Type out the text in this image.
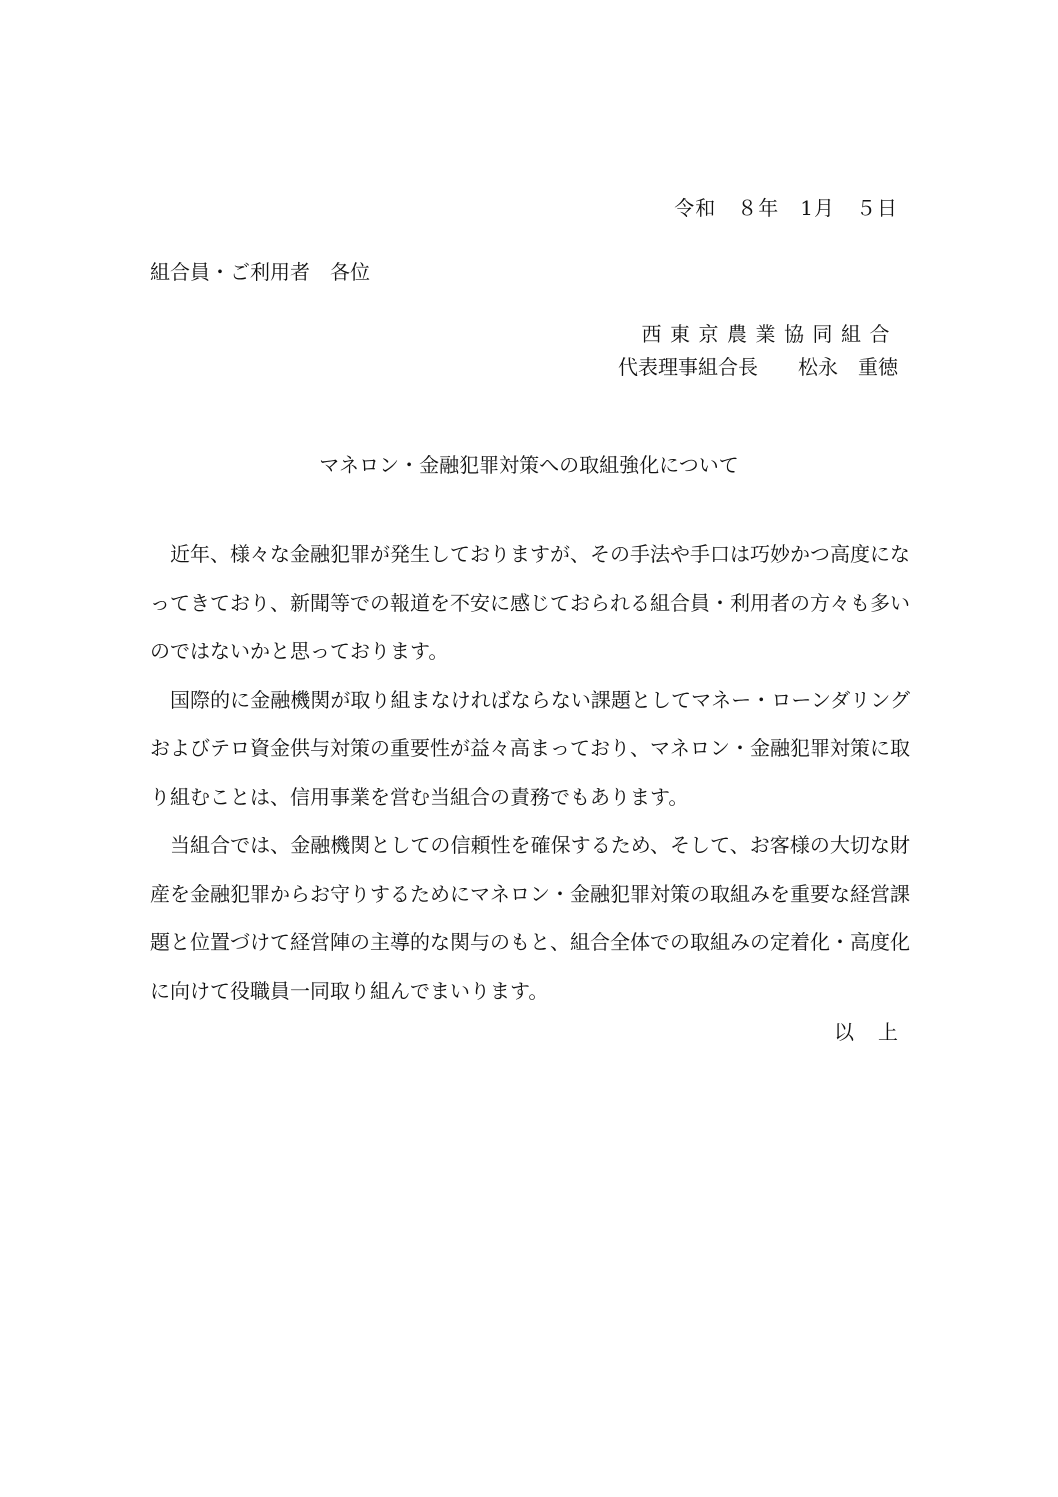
令和　８年　1月　５日
組合員・ご利用者　各位
西東京農業協同組合
代表理事組合長　　松永　重徳
マネロン・金融犯罪対策への取組強化について

近年、様々な金融犯罪が発生しておりますが、その手法や手口は巧妙かつ高度になってきており、新聞等での報道を不安に感じておられる組合員・利用者の方々も多いのではないかと思っております。

国際的に金融機関が取り組まなければならない課題としてマネー・ローンダリングおよびテロ資金供与対策の重要性が益々高まっており、マネロン・金融犯罪対策に取り組むことは、信用事業を営む当組合の責務でもあります。

当組合では、金融機関としての信頼性を確保するため、そして、お客様の大切な財産を金融犯罪からお守りするためにマネロン・金融犯罪対策の取組みを重要な経営課題と位置づけて経営陣の主導的な関与のもと、組合全体での取組みの定着化・高度化に向けて役職員一同取り組んでまいります。

以　上
